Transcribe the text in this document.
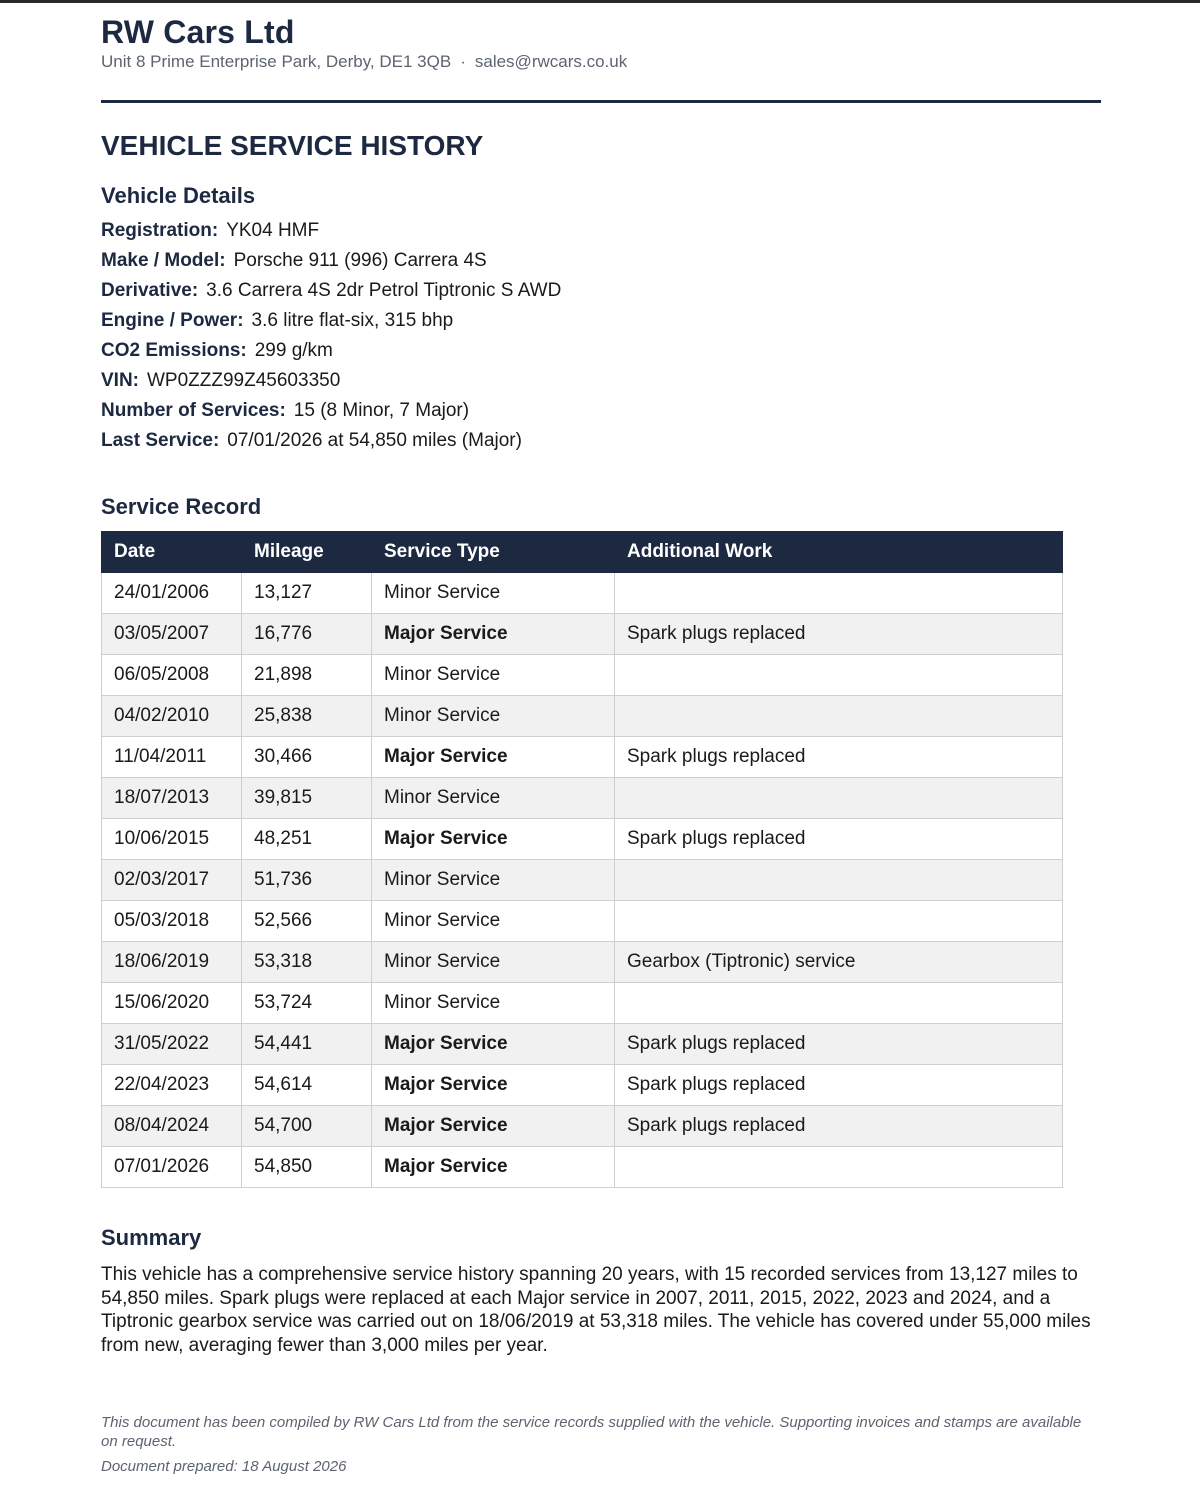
RW Cars Ltd
Unit 8 Prime Enterprise Park, Derby, DE1 3QB · sales@rwcars.co.uk
VEHICLE SERVICE HISTORY
Vehicle Details
Registration: YK04 HMF
Make / Model: Porsche 911 (996) Carrera 4S
Derivative: 3.6 Carrera 4S 2dr Petrol Tiptronic S AWD
Engine / Power: 3.6 litre flat-six, 315 bhp
CO2 Emissions: 299 g/km
VIN: WP0ZZZ99Z45603350
Number of Services: 15 (8 Minor, 7 Major)
Last Service: 07/01/2026 at 54,850 miles (Major)
Service Record
Date	Mileage	Service Type	Additional Work
24/01/2006	13,127	Minor Service	
03/05/2007	16,776	Major Service	Spark plugs replaced
06/05/2008	21,898	Minor Service	
04/02/2010	25,838	Minor Service	
11/04/2011	30,466	Major Service	Spark plugs replaced
18/07/2013	39,815	Minor Service	
10/06/2015	48,251	Major Service	Spark plugs replaced
02/03/2017	51,736	Minor Service	
05/03/2018	52,566	Minor Service	
18/06/2019	53,318	Minor Service	Gearbox (Tiptronic) service
15/06/2020	53,724	Minor Service	
31/05/2022	54,441	Major Service	Spark plugs replaced
22/04/2023	54,614	Major Service	Spark plugs replaced
08/04/2024	54,700	Major Service	Spark plugs replaced
07/01/2026	54,850	Major Service	
Summary

This vehicle has a comprehensive service history spanning 20 years, with 15 recorded services from 13,127 miles to 54,850 miles. Spark plugs were replaced at each Major service in 2007, 2011, 2015, 2022, 2023 and 2024, and a Tiptronic gearbox service was carried out on 18/06/2019 at 53,318 miles. The vehicle has covered under 55,000 miles from new, averaging fewer than 3,000 miles per year.

This document has been compiled by RW Cars Ltd from the service records supplied with the vehicle. Supporting invoices and stamps are available on request.

Document prepared: 18 August 2026
